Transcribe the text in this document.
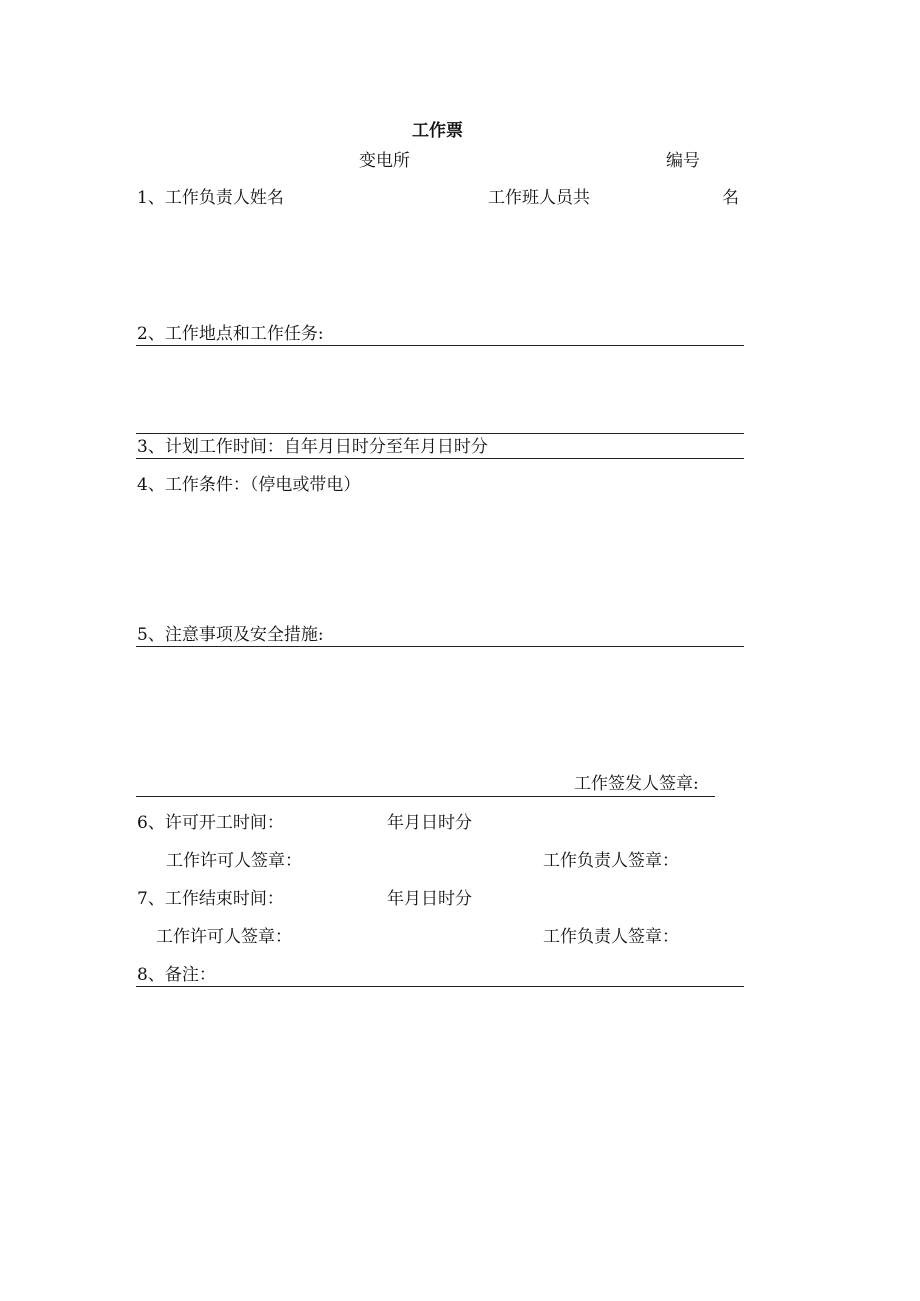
工作票
变电所	编号
1、工作负责人姓名	工作班人员共	名
2、工作地点和工作任务:
3、计划工作时间：自年月日时分至年月日时分
4、工作条件：（停电或带电）
5、注意事项及安全措施:
工作签发人签章:
6、许可开工时间：	年月日时分
工作许可人签章：	工作负责人签章：
7、工作结束时间：	年月日时分
工作许可人签章：	工作负责人签章：
8、备注：
